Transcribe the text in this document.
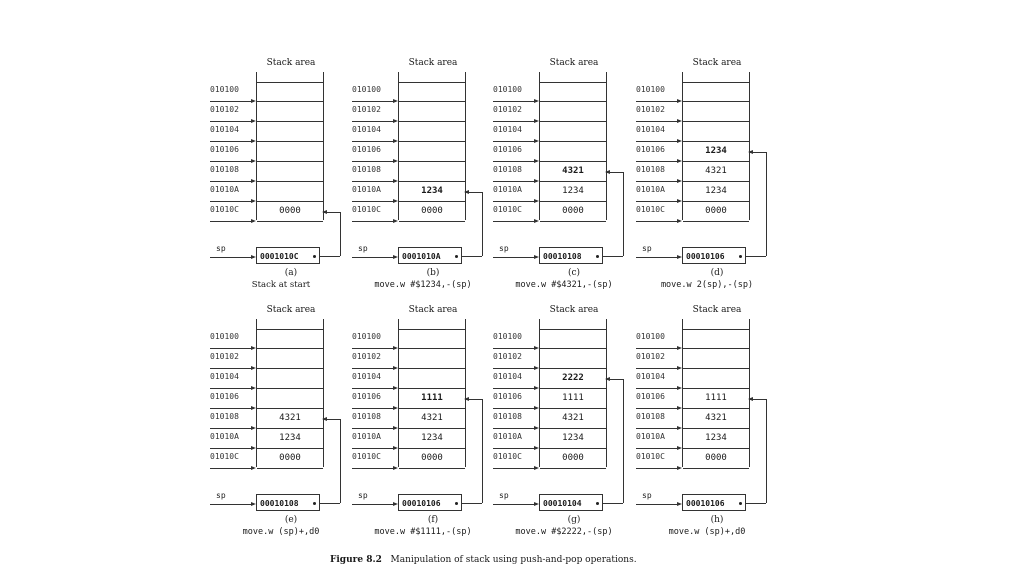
Stack area
0000
010100
010102
010104
010106
010108
01010A
01010C
sp
0001010C
(a)
Stack at start
Stack area
1234
0000
010100
010102
010104
010106
010108
01010A
01010C
sp
0001010A
(b)
move.w #$1234,-(sp)
Stack area
4321
1234
0000
010100
010102
010104
010106
010108
01010A
01010C
sp
00010108
(c)
move.w #$4321,-(sp)
Stack area
1234
4321
1234
0000
010100
010102
010104
010106
010108
01010A
01010C
sp
00010106
(d)
move.w 2(sp),-(sp)
Stack area
4321
1234
0000
010100
010102
010104
010106
010108
01010A
01010C
sp
00010108
(e)
move.w (sp)+,d0
Stack area
1111
4321
1234
0000
010100
010102
010104
010106
010108
01010A
01010C
sp
00010106
(f)
move.w #$1111,-(sp)
Stack area
2222
1111
4321
1234
0000
010100
010102
010104
010106
010108
01010A
01010C
sp
00010104
(g)
move.w #$2222,-(sp)
Stack area
1111
4321
1234
0000
010100
010102
010104
010106
010108
01010A
01010C
sp
00010106
(h)
move.w (sp)+,d0
Figure 8.2 Manipulation of stack using push-and-pop operations.
